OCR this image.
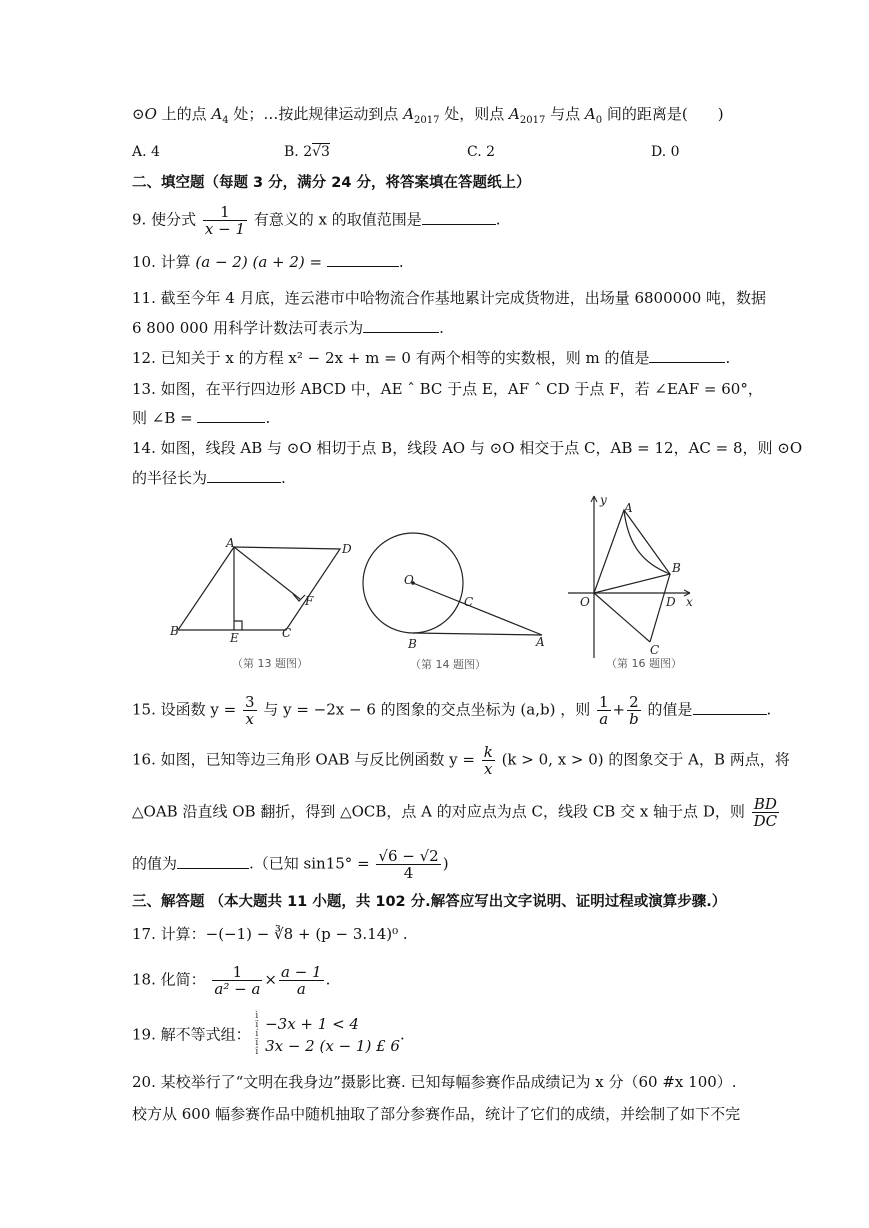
⊙O 上的点 $A_4$ 处；…按此规律运动到点 $A_{2017}$ 处，则点 $A_{2017}$ 与点 $A_0$ 间的距离是(　　)
A. 4	B. 2√3	C. 2	D. 0
二、填空题（每题 3 分，满分 24 分，将答案填在答题纸上）
9. 使分式 $\frac{1}{x - 1}$ 有意义的 x 的取值范围是	.
10. 计算 (a − 2) (a + 2) =	.
11. 截至今年 4 月底，连云港市中哈物流合作基地累计完成货物进，出场量 6800000 吨，数据
6 800 000 用科学计数法可表示为	.
12. 已知关于 x 的方程 x² − 2x + m = 0 有两个相等的实数根，则 m 的值是	.
13. 如图，在平行四边形 ABCD 中，AE ˆ BC 于点 E，AF ˆ CD 于点 F，若 ∠EAF = 60°，
则 ∠B =	.
14. 如图，线段 AB 与 ⊙O 相切于点 B，线段 AO 与 ⊙O 相交于点 C，AB = 12，AC = 8，则 ⊙O
的半径长为	.
A	D
F
B	E	C
（第 13 题图）
O
C
B	A
（第 14 题图）
y
A
B
O	D x
C
（第 16 题图）
15. 设函数 $y = \frac{3}{x}$ 与 y = −2x − 6 的图象的交点坐标为 (a,b) ，则 $\frac{1}{a} + \frac{2}{b}$ 的值是	.
16. 如图，已知等边三角形 OAB 与反比例函数 $y = \frac{k}{x} (k > 0$, x > 0) 的图象交于 A，B 两点，将
△OAB 沿直线 OB 翻折，得到 △OCB，点 A 的对应点为点 C，线段 CB 交 x 轴于点 D，则 $\frac{BD}{DC}$
的值为	.（已知 $\sin 15^\circ = \frac{√6 - √2}{4}$ )
三、解答题 （本大题共 11 小题，共 102 分.解答应写出文字说明、证明过程或演算步骤.）
17. 计算：−(−1) − ∛8 + (p − 3.14)⁰ .
18. 化简： $\frac{1}{\text{a² − a}} \times \frac{a - 1}{a}$ .
19. 解不等式组： ì
ï
í
ï
î
−3x + 1 < 4
3x − 2 (x − 1) £ 6
.
20. 某校举行了“文明在我身边”摄影比赛. 已知每幅参赛作品成绩记为 x 分（60 #x 100）.
校方从 600 幅参赛作品中随机抽取了部分参赛作品，统计了它们的成绩，并绘制了如下不完
